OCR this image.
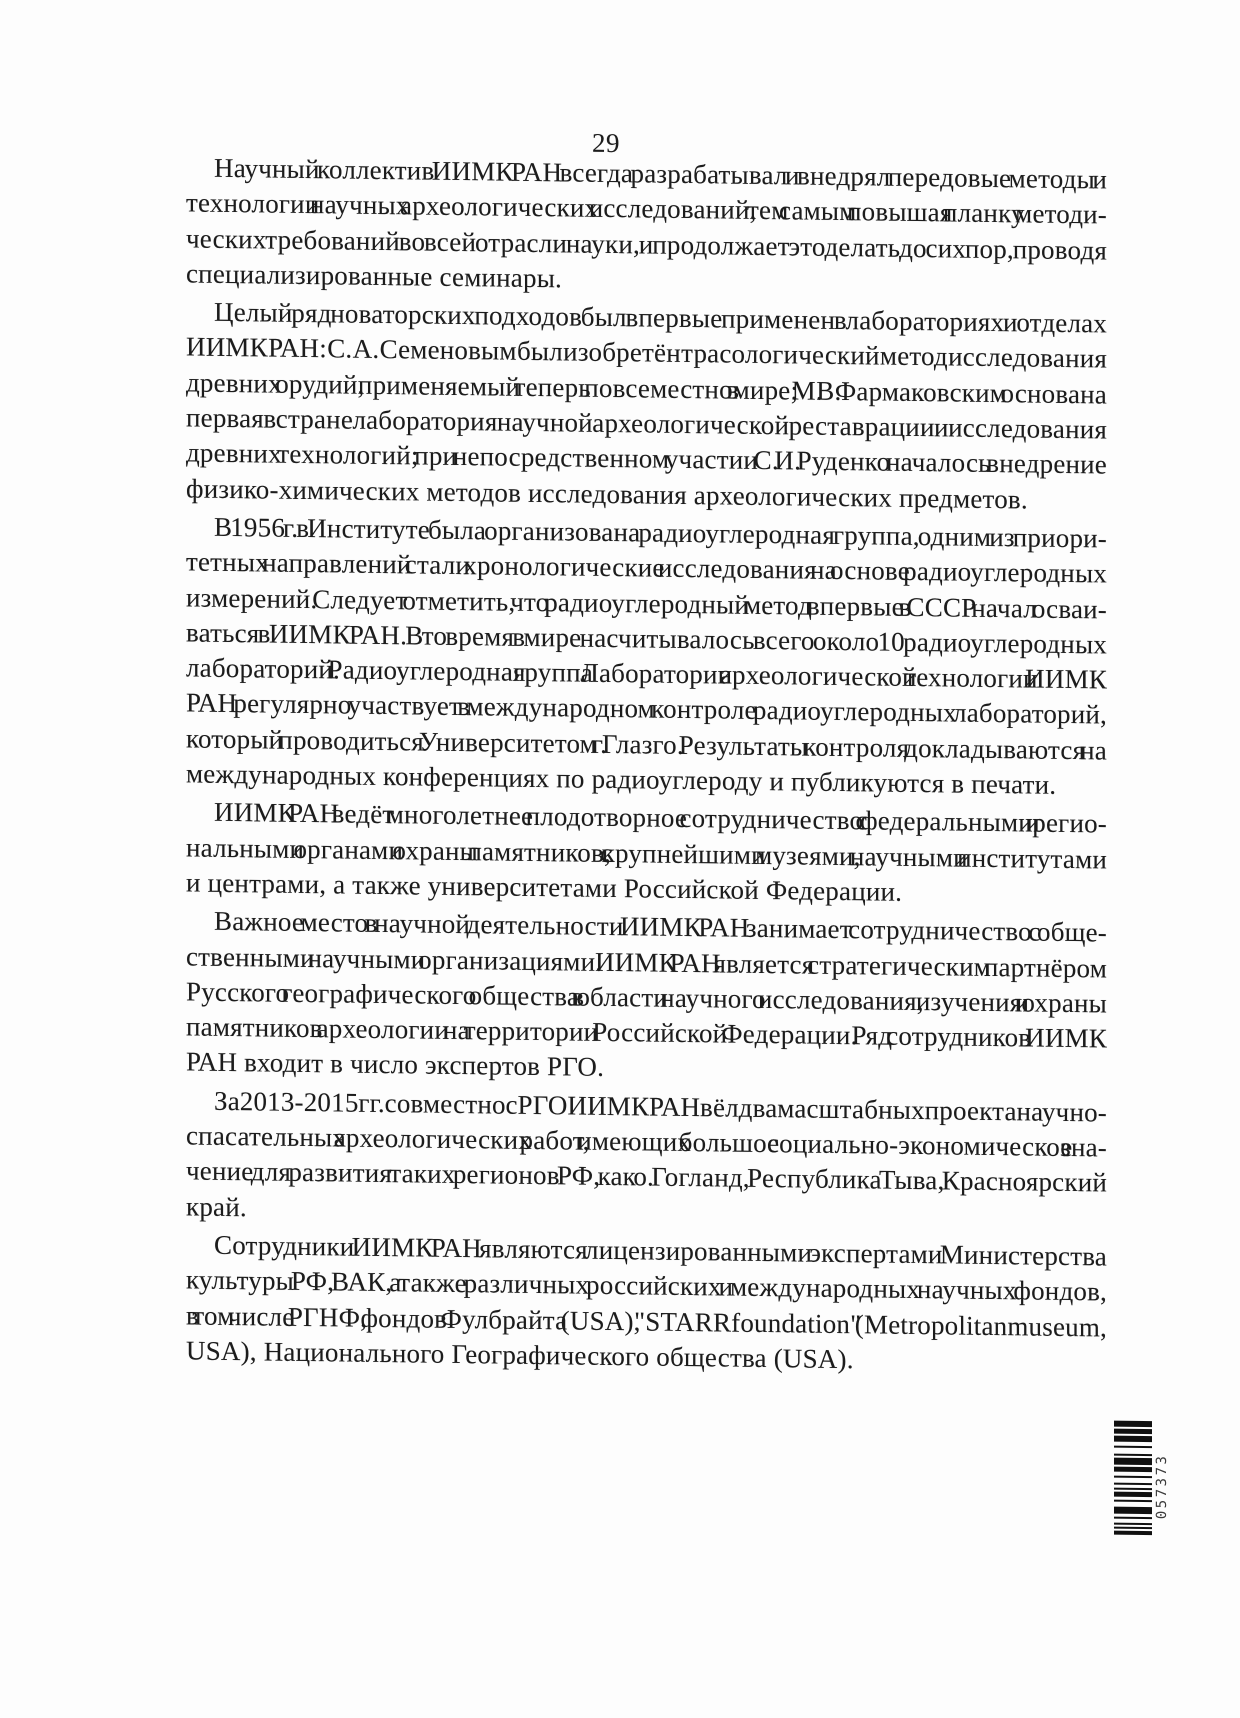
29
Научный коллектив ИИМК РАН всегда разрабатывал и внедрял передовые методы и
технологии научных археологических исследований, тем самым повышая планку методи-
ческих требований во всей отрасли науки, и продолжает это делать до сих пор, проводя
специализированные семинары.
Целый ряд новаторских подходов был впервые применен в лабораториях и отделах
ИИМК РАН: С. А. Семеновым был изобретён трасологический метод исследования
древних орудий, применяемый теперь повсеместно в мире; М. В. Фармаковским основана
первая в стране лаборатория научной археологической реставрации и исследования
древних технологий; при непосредственном участии С. И. Руденко началось внедрение
физико-химических методов исследования археологических предметов.
В 1956 г. в Институте была организована радиоуглеродная группа, одним из приори-
тетных направлений стали хронологические исследования на основе радиоуглеродных
измерений. Следует отметить, что радиоуглеродный метод впервые в СССР начал осваи-
ваться в ИИМК РАН. В то время в мире насчитывалось всего около 10 радиоуглеродных
лабораторий. Радиоуглеродная группа Лаборатории археологической технологии ИИМК
РАН регулярно участвует в международном контроле радиоуглеродных лабораторий,
который проводиться Университетом г. Глазго. Результаты контроля докладываются на
международных конференциях по радиоуглероду и публикуются в печати.
ИИМК РАН ведёт многолетнее плодотворное сотрудничество с федеральными и регио-
нальными органами охраны памятников, с крупнейшими музеями, научными институтами
и центрами, а также университетами Российской Федерации.
Важное место в научной деятельности ИИМК РАН занимает сотрудничество с обще-
ственными научными организациями. ИИМК РАН является стратегическим партнёром
Русского географического общества в области научного исследования, изучения и охраны
памятников археологии на территории Российской Федерации. Ряд сотрудников ИИМК
РАН входит в число экспертов РГО.
За 2013-2015 гг. совместно с РГО ИИМК РАН вёл два масштабных проекта научно-
спасательных археологических работ, имеющих большое социально-экономическое зна-
чение для развития таких регионов РФ, как о. Гогланд, Республика Тыва, Красноярский
край.
Сотрудники ИИМК РАН являются лицензированными экспертами Министерства
культуры РФ, ВАК, а также различных российских и международных научных фондов,
в том числе РГНФ, фондов Фулбрайта (USA), "STARRfoundation" (Metropolitanmuseum,
USA), Национального Географического общества (USA).
057373
